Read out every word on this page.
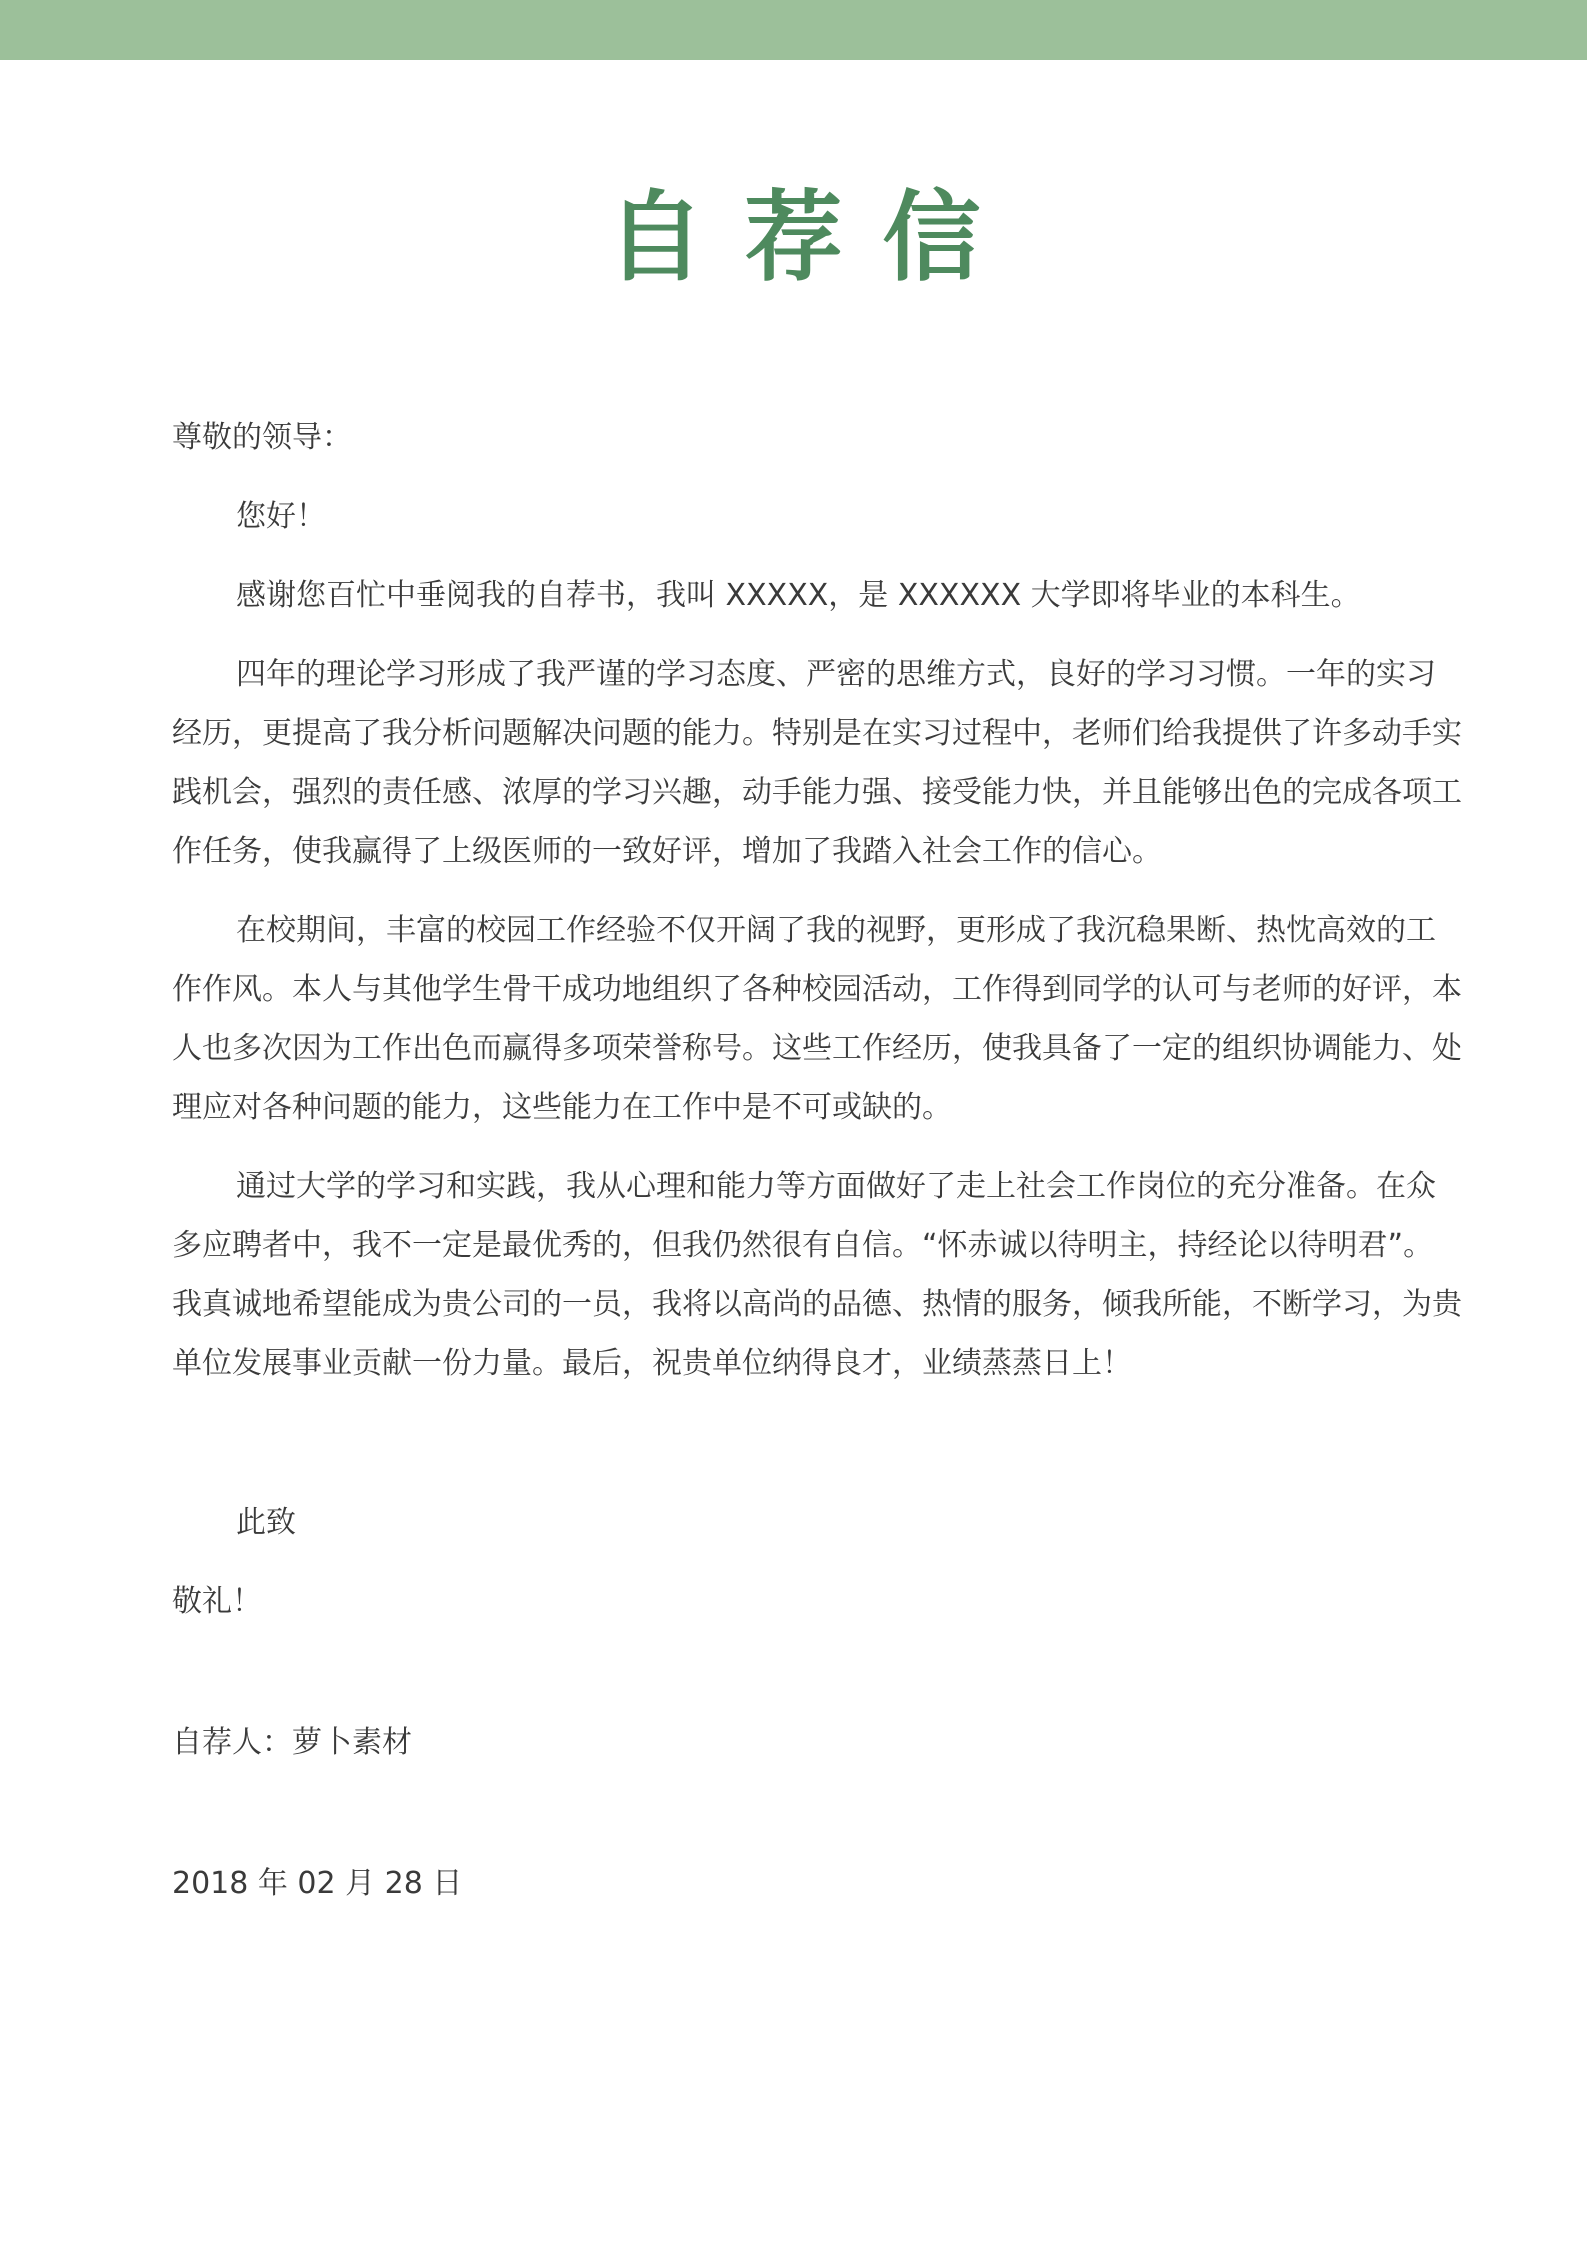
自荐信

尊敬的领导：

您好！

感谢您百忙中垂阅我的自荐书，我叫 XXXXX，是 XXXXXX 大学即将毕业的本科生。

四年的理论学习形成了我严谨的学习态度、严密的思维方式，良好的学习习惯。一年的实习经历，更提高了我分析问题解决问题的能力。特别是在实习过程中，老师们给我提供了许多动手实践机会，强烈的责任感、浓厚的学习兴趣，动手能力强、接受能力快，并且能够出色的完成各项工作任务，使我赢得了上级医师的一致好评，增加了我踏入社会工作的信心。

在校期间，丰富的校园工作经验不仅开阔了我的视野，更形成了我沉稳果断、热忱高效的工作作风。本人与其他学生骨干成功地组织了各种校园活动，工作得到同学的认可与老师的好评，本人也多次因为工作出色而赢得多项荣誉称号。这些工作经历，使我具备了一定的组织协调能力、处理应对各种问题的能力，这些能力在工作中是不可或缺的。

通过大学的学习和实践，我从心理和能力等方面做好了走上社会工作岗位的充分准备。在众多应聘者中，我不一定是最优秀的，但我仍然很有自信。“怀赤诚以待明主，持经论以待明君”。我真诚地希望能成为贵公司的一员，我将以高尚的品德、热情的服务，倾我所能，不断学习，为贵单位发展事业贡献一份力量。最后，祝贵单位纳得良才，业绩蒸蒸日上！

此致

敬礼！

自荐人：萝卜素材

2018 年 02 月 28 日
